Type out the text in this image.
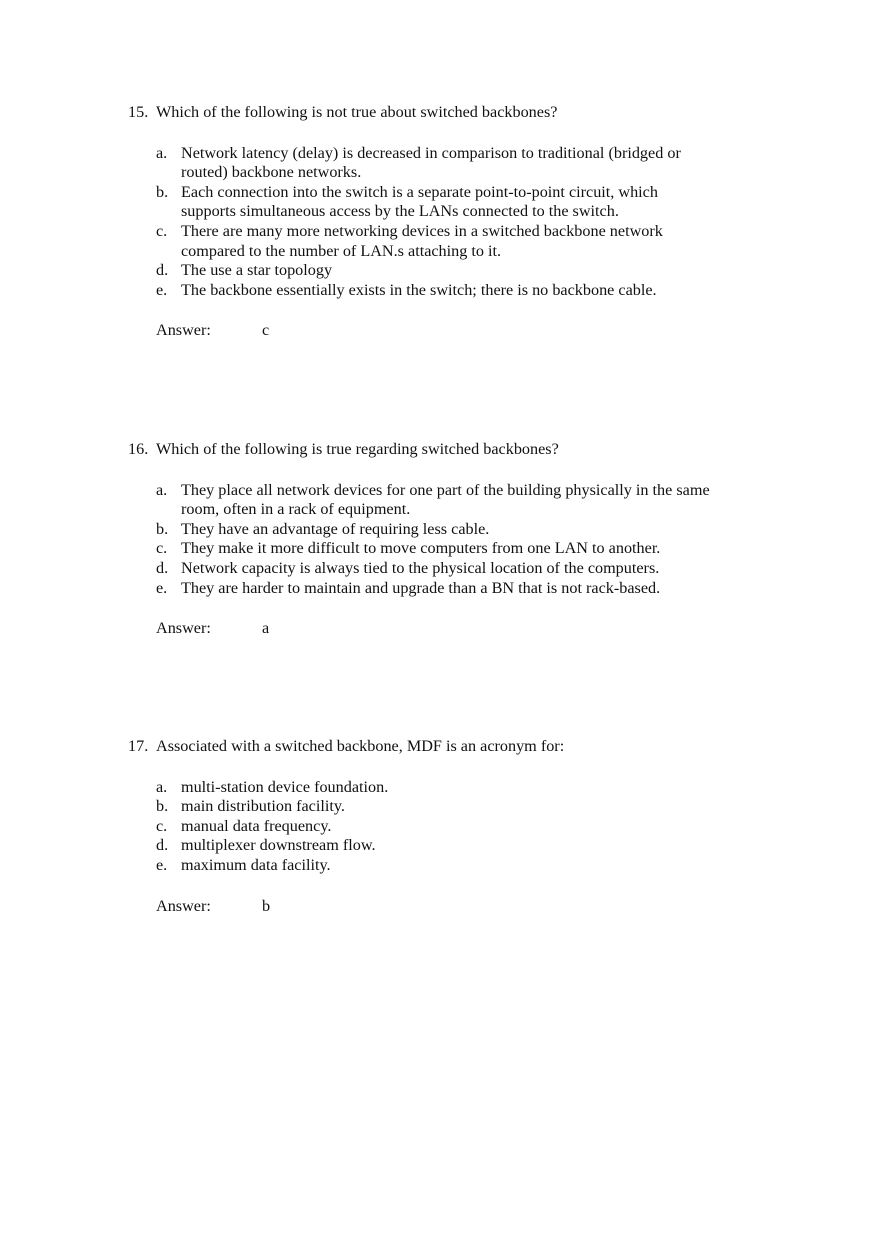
15. Which of the following is not true about switched backbones?
a. Network latency (delay) is decreased in comparison to traditional (bridged or routed) backbone networks.
b. Each connection into the switch is a separate point-to-point circuit, which supports simultaneous access by the LANs connected to the switch.
c. There are many more networking devices in a switched backbone network compared to the number of LAN.s attaching to it.
d. The use a star topology
e. The backbone essentially exists in the switch; there is no backbone cable.
Answer:	c
16. Which of the following is true regarding switched backbones?
a. They place all network devices for one part of the building physically in the same room, often in a rack of equipment.
b. They have an advantage of requiring less cable.
c. They make it more difficult to move computers from one LAN to another.
d. Network capacity is always tied to the physical location of the computers.
e. They are harder to maintain and upgrade than a BN that is not rack-based.
Answer:	a
17. Associated with a switched backbone, MDF is an acronym for:
a. multi-station device foundation.
b. main distribution facility.
c. manual data frequency.
d. multiplexer downstream flow.
e. maximum data facility.
Answer:	b
